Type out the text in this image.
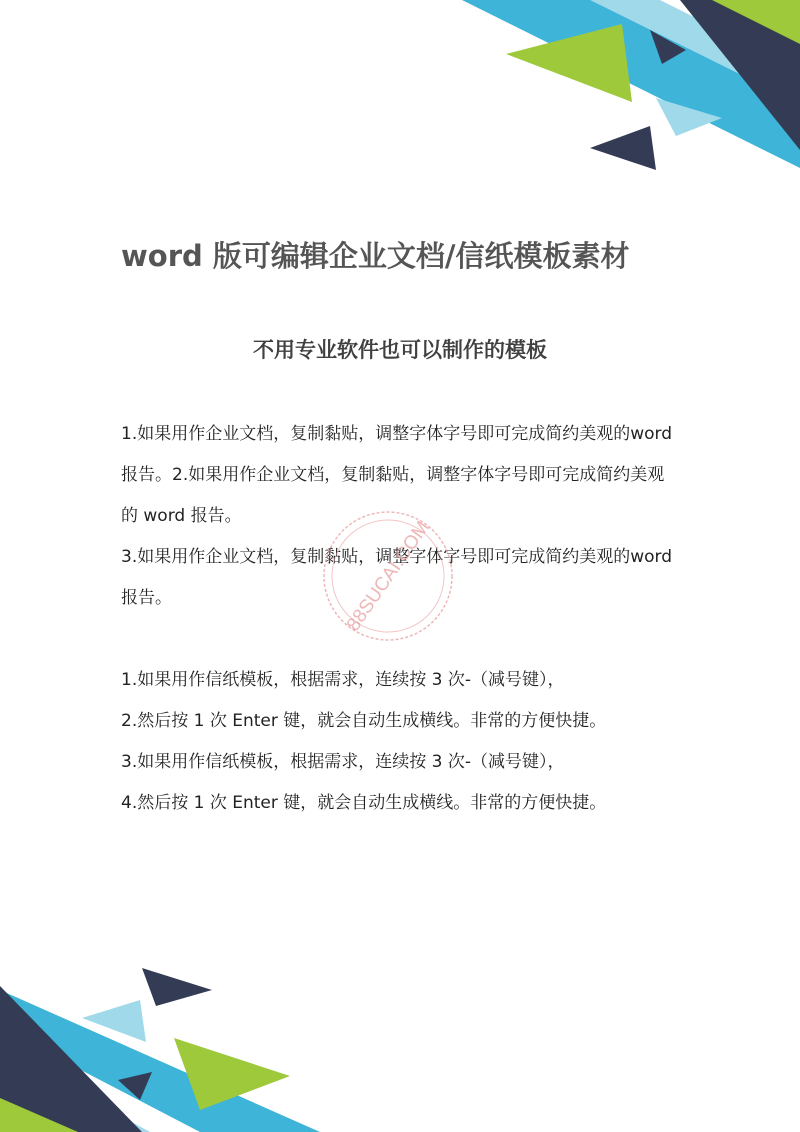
word 版可编辑企业文档/信纸模板素材
不用专业软件也可以制作的模板

1.如果用作企业文档，复制黏贴，调整字体字号即可完成简约美观的word 报告。2.如果用作企业文档，复制黏贴，调整字体字号即可完成简约美观的 word 报告。

3.如果用作企业文档，复制黏贴，调整字体字号即可完成简约美观的word 报告。

1.如果用作信纸模板，根据需求，连续按 3 次-（减号键），

2.然后按 1 次 Enter 键，就会自动生成横线。非常的方便快捷。

3.如果用作信纸模板，根据需求，连续按 3 次-（减号键），

4.然后按 1 次 Enter 键，就会自动生成横线。非常的方便快捷。

88SUCAI.COM
